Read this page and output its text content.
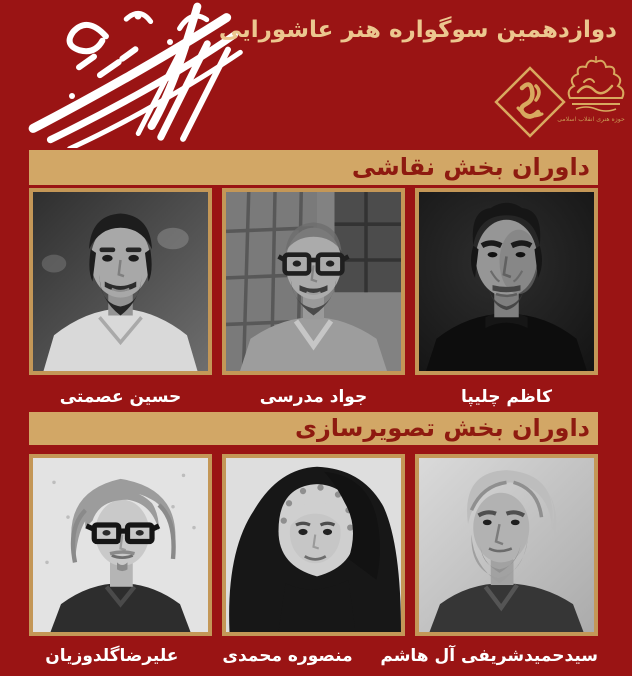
دوازدهمین سوگواره هنر عاشورایی
حوزه هنری انقلاب اسلامی
داوران بخش نقاشی
حسین عصمتی	جواد مدرسی	کاظم چلیپا
داوران بخش تصویرسازی
علیرضاگلدوزیان	منصوره محمدی	سیدحمیدشریفی آل هاشم
